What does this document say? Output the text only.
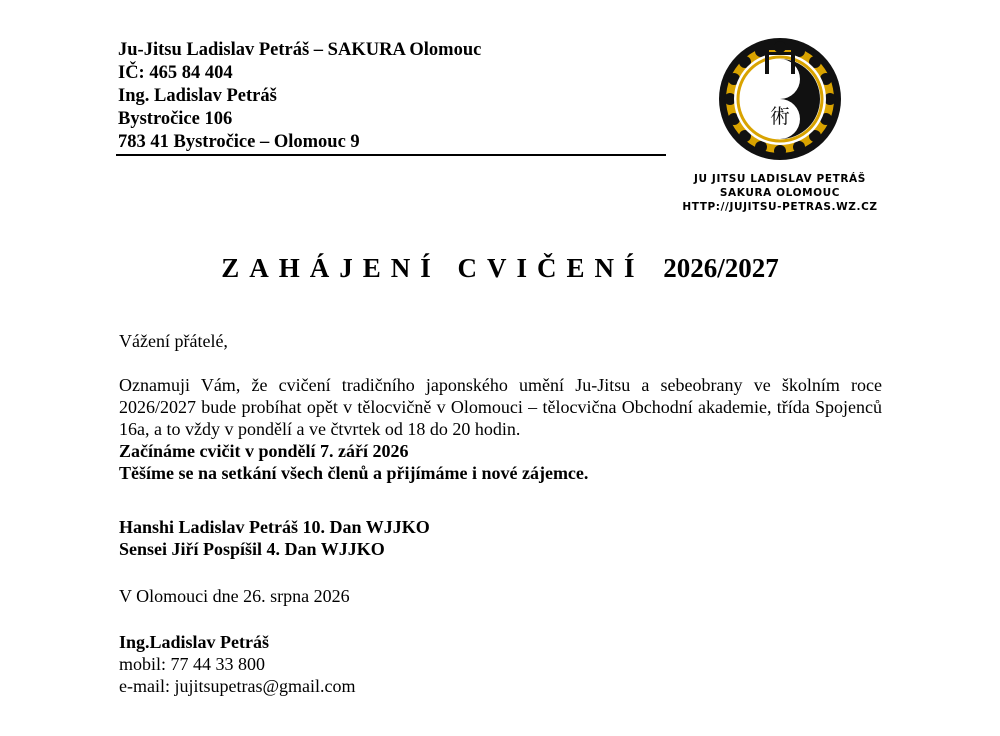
Ju-Jitsu Ladislav Petráš – SAKURA Olomouc
IČ: 465 84 404
Ing. Ladislav Petráš
Bystročice 106
783 41 Bystročice – Olomouc 9
柔
術
JU JITSU LADISLAV PETRÁŠ
SAKURA OLOMOUC
HTTP://JUJITSU-PETRAS.WZ.CZ
ZAHÁJENÍ CVIČENÍ 2026/2027
Vážení přátelé,
Oznamuji Vám, že cvičení tradičního japonského umění Ju-Jitsu a sebeobrany ve školním roce 2026/2027 bude probíhat opět v tělocvičně v Olomouci – tělocvična Obchodní akademie, třída Spojenců 16a, a to vždy v pondělí a ve čtvrtek od 18 do 20 hodin.
Začínáme cvičit v pondělí 7. září 2026
Těšíme se na setkání všech členů a přijímáme i nové zájemce.
Hanshi Ladislav Petráš 10. Dan WJJKO
Sensei Jiří Pospíšil 4. Dan WJJKO
V Olomouci dne 26. srpna 2026
Ing.Ladislav Petráš
mobil: 77 44 33 800
e-mail: jujitsupetras@gmail.com
